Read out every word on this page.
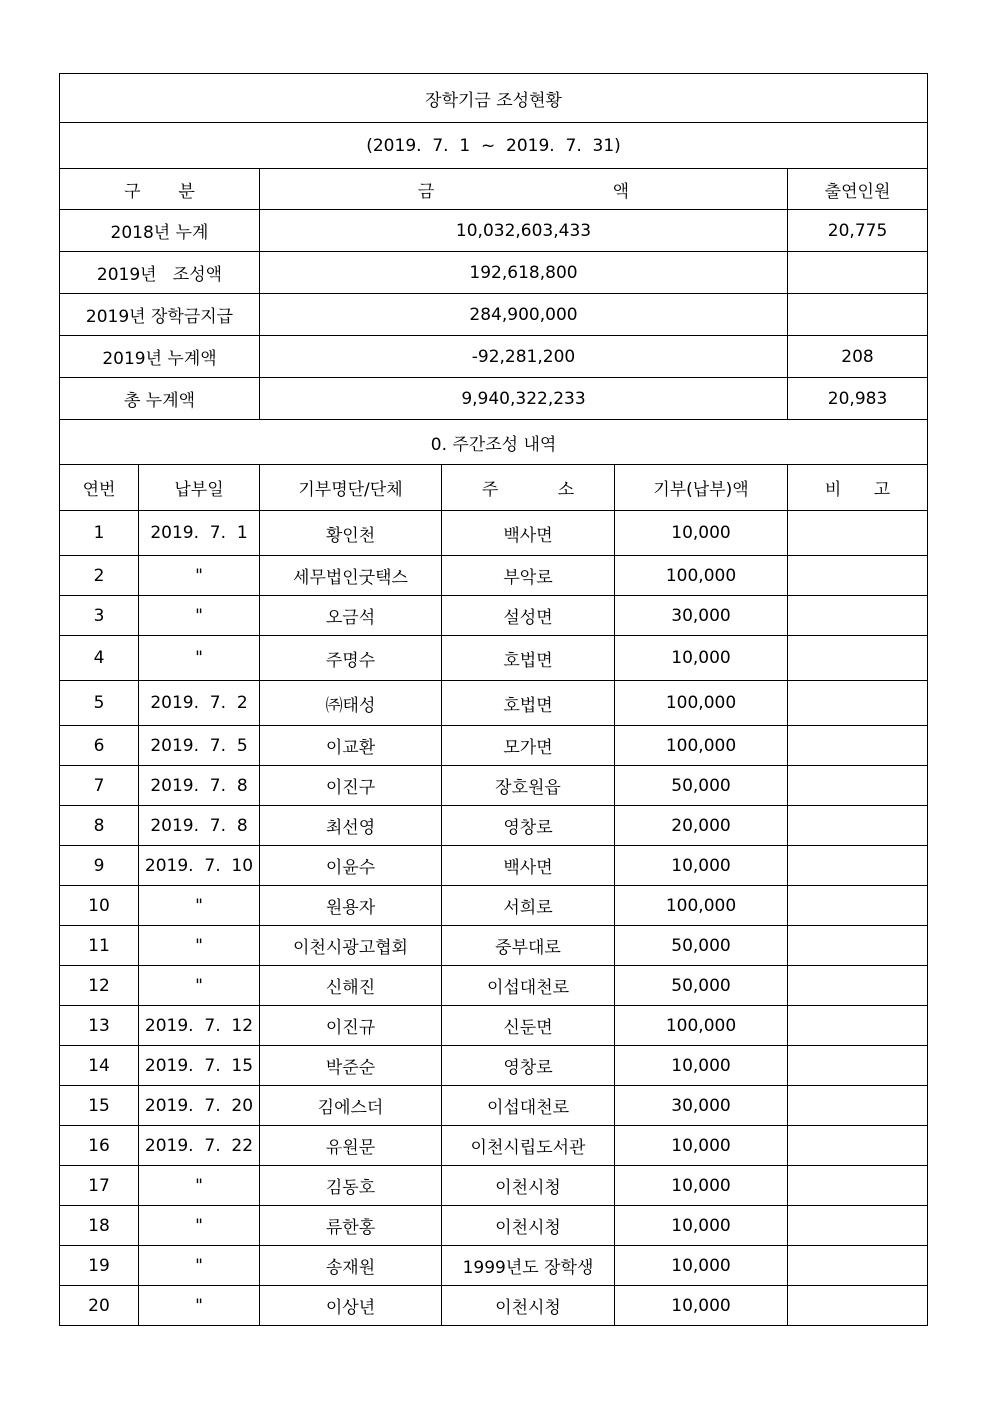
장학기금 조성현황					
(2019.  7.  1  ~  2019.  7.  31)					
구       분		금                                 액			출연인원
2018년 누계		10,032,603,433			20,775
2019년   조성액		192,618,800			
2019년 장학금지급		284,900,000			
2019년 누계액		-92,281,200			208
총 누계액		9,940,322,233			20,983
0. 주간조성 내역					
연번	납부일	기부명단/단체	주           소	기부(납부)액	비      고
1	2019.  7.  1	황인천	백사면	10,000	
2	"	세무법인굿택스	부악로	100,000	
3	"	오금석	설성면	30,000	
4	"	주명수	호법면	10,000	
5	2019.  7.  2	㈜태성	호법면	100,000	
6	2019.  7.  5	이교환	모가면	100,000	
7	2019.  7.  8	이진구	장호원읍	50,000	
8	2019.  7.  8	최선영	영창로	20,000	
9	2019.  7.  10	이윤수	백사면	10,000	
10	"	원용자	서희로	100,000	
11	"	이천시광고협회	중부대로	50,000	
12	"	신해진	이섭대천로	50,000	
13	2019.  7.  12	이진규	신둔면	100,000	
14	2019.  7.  15	박준순	영창로	10,000	
15	2019.  7.  20	김에스더	이섭대천로	30,000	
16	2019.  7.  22	유원문	이천시립도서관	10,000	
17	"	김동호	이천시청	10,000	
18	"	류한홍	이천시청	10,000	
19	"	송재원	1999년도 장학생	10,000	
20	"	이상년	이천시청	10,000	
